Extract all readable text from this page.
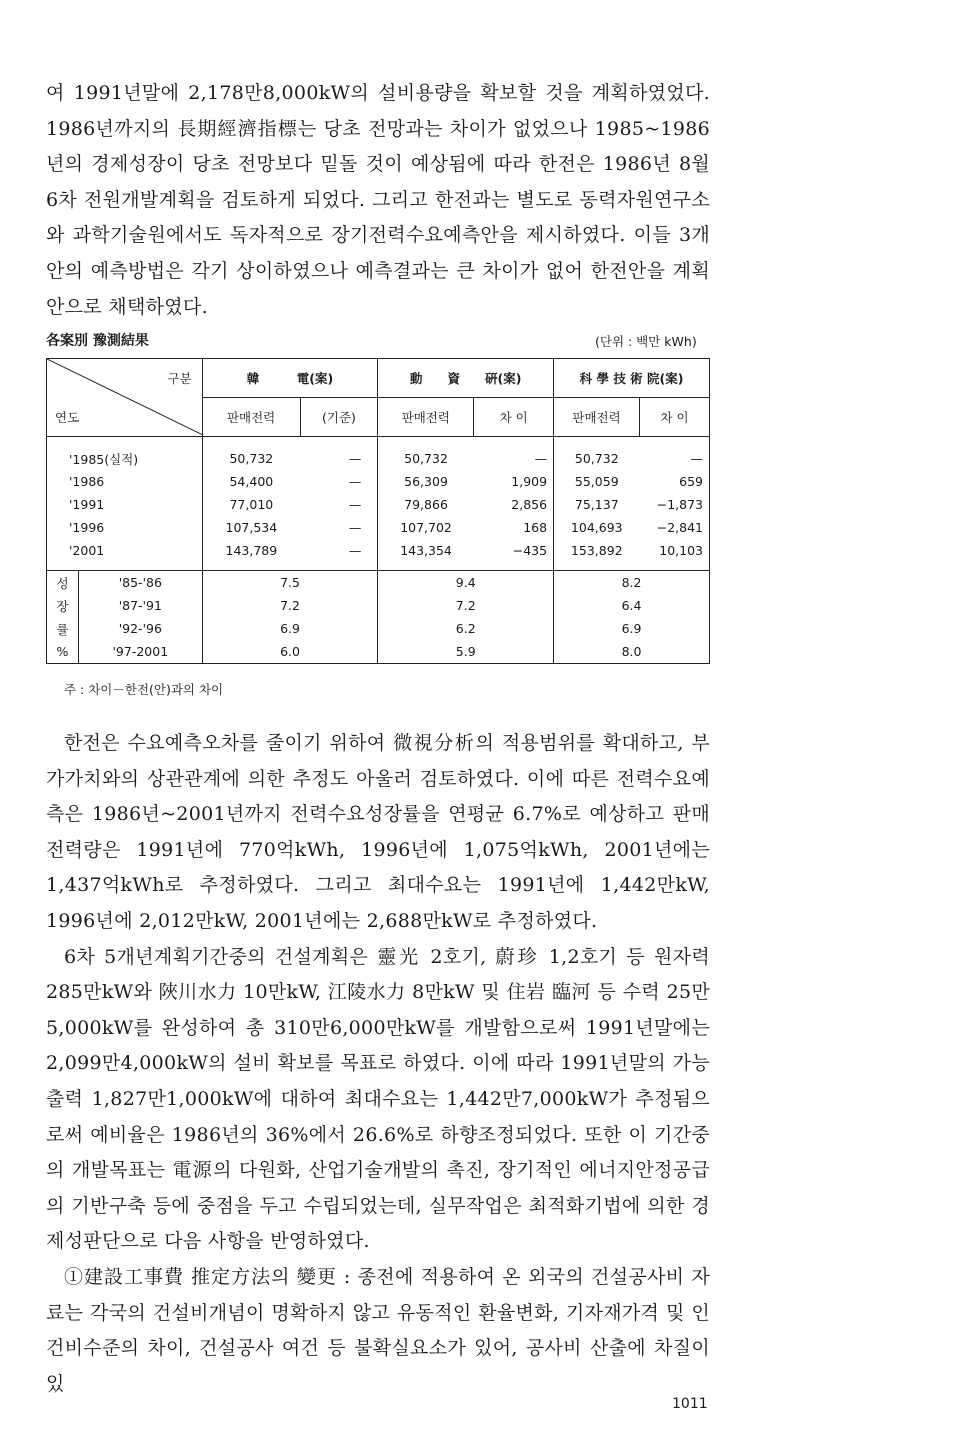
여 1991년말에 2,178만8,000kW의 설비용량을 확보할 것을 계획하였었다. 1986년까지의 長期經濟指標는 당초 전망과는 차이가 없었으나 1985~1986년의 경제성장이 당초 전망보다 밑돌 것이 예상됨에 따라 한전은 1986년 8월 6차 전원개발계획을 검토하게 되었다. 그리고 한전과는 별도로 동력자원연구소와 과학기술원에서도 독자적으로 장기전력수요예측안을 제시하였다. 이들 3개안의 예측방법은 각기 상이하였으나 예측결과는 큰 차이가 없어 한전안을 계획안으로 채택하였다.

各案別 豫測結果	(단위 : 백만 kWh)
구분
연도		韓　　　電(案)		動　　資　　硏(案)		科 學 技 術 院(案)	
		판매전력	(기준)	판매전력	차 이	판매전력	차 이

'1985(실적)		50,732	—	50,732	—	50,732	—
'1986		54,400	—	56,309	1,909	55,059	659
'1991		77,010	—	79,866	2,856	75,137	−1,873
'1996		107,534	—	107,702	168	104,693	−2,841
'2001		143,789	—	143,354	−435	153,892	10,103

성	'85-'86	7.5		9.4		8.2	
장	'87-'91	7.2		7.2		6.4	
률	'92-'96	6.9		6.2		6.9	
%	'97-2001	6.0		5.9		8.0	
주 : 차이－한전(안)과의 차이

한전은 수요예측오차를 줄이기 위하여 微視分析의 적용범위를 확대하고, 부가가치와의 상관관계에 의한 추정도 아울러 검토하였다. 이에 따른 전력수요예측은 1986년~2001년까지 전력수요성장률을 연평균 6.7%로 예상하고 판매전력량은 1991년에 770억kWh, 1996년에 1,075억kWh, 2001년에는 1,437억kWh로 추정하였다. 그리고 최대수요는 1991년에 1,442만kW, 1996년에 2,012만kW, 2001년에는 2,688만kW로 추정하였다.

6차 5개년계획기간중의 건설계획은 靈光 2호기, 蔚珍 1,2호기 등 원자력 285만kW와 陜川水力 10만kW, 江陵水力 8만kW 및 住岩 臨河 등 수력 25만5,000kW를 완성하여 총 310만6,000만kW를 개발함으로써 1991년말에는 2,099만4,000kW의 설비 확보를 목표로 하였다. 이에 따라 1991년말의 가능출력 1,827만1,000kW에 대하여 최대수요는 1,442만7,000kW가 추정됨으로써 예비율은 1986년의 36%에서 26.6%로 하향조정되었다. 또한 이 기간중의 개발목표는 電源의 다원화, 산업기술개발의 촉진, 장기적인 에너지안정공급의 기반구축 등에 중점을 두고 수립되었는데, 실무작업은 최적화기법에 의한 경제성판단으로 다음 사항을 반영하였다.

①建設工事費 推定方法의 變更 : 종전에 적용하여 온 외국의 건설공사비 자료는 각국의 건설비개념이 명확하지 않고 유동적인 환율변화, 기자재가격 및 인건비수준의 차이, 건설공사 여건 등 불확실요소가 있어, 공사비 산출에 차질이 있

1011
